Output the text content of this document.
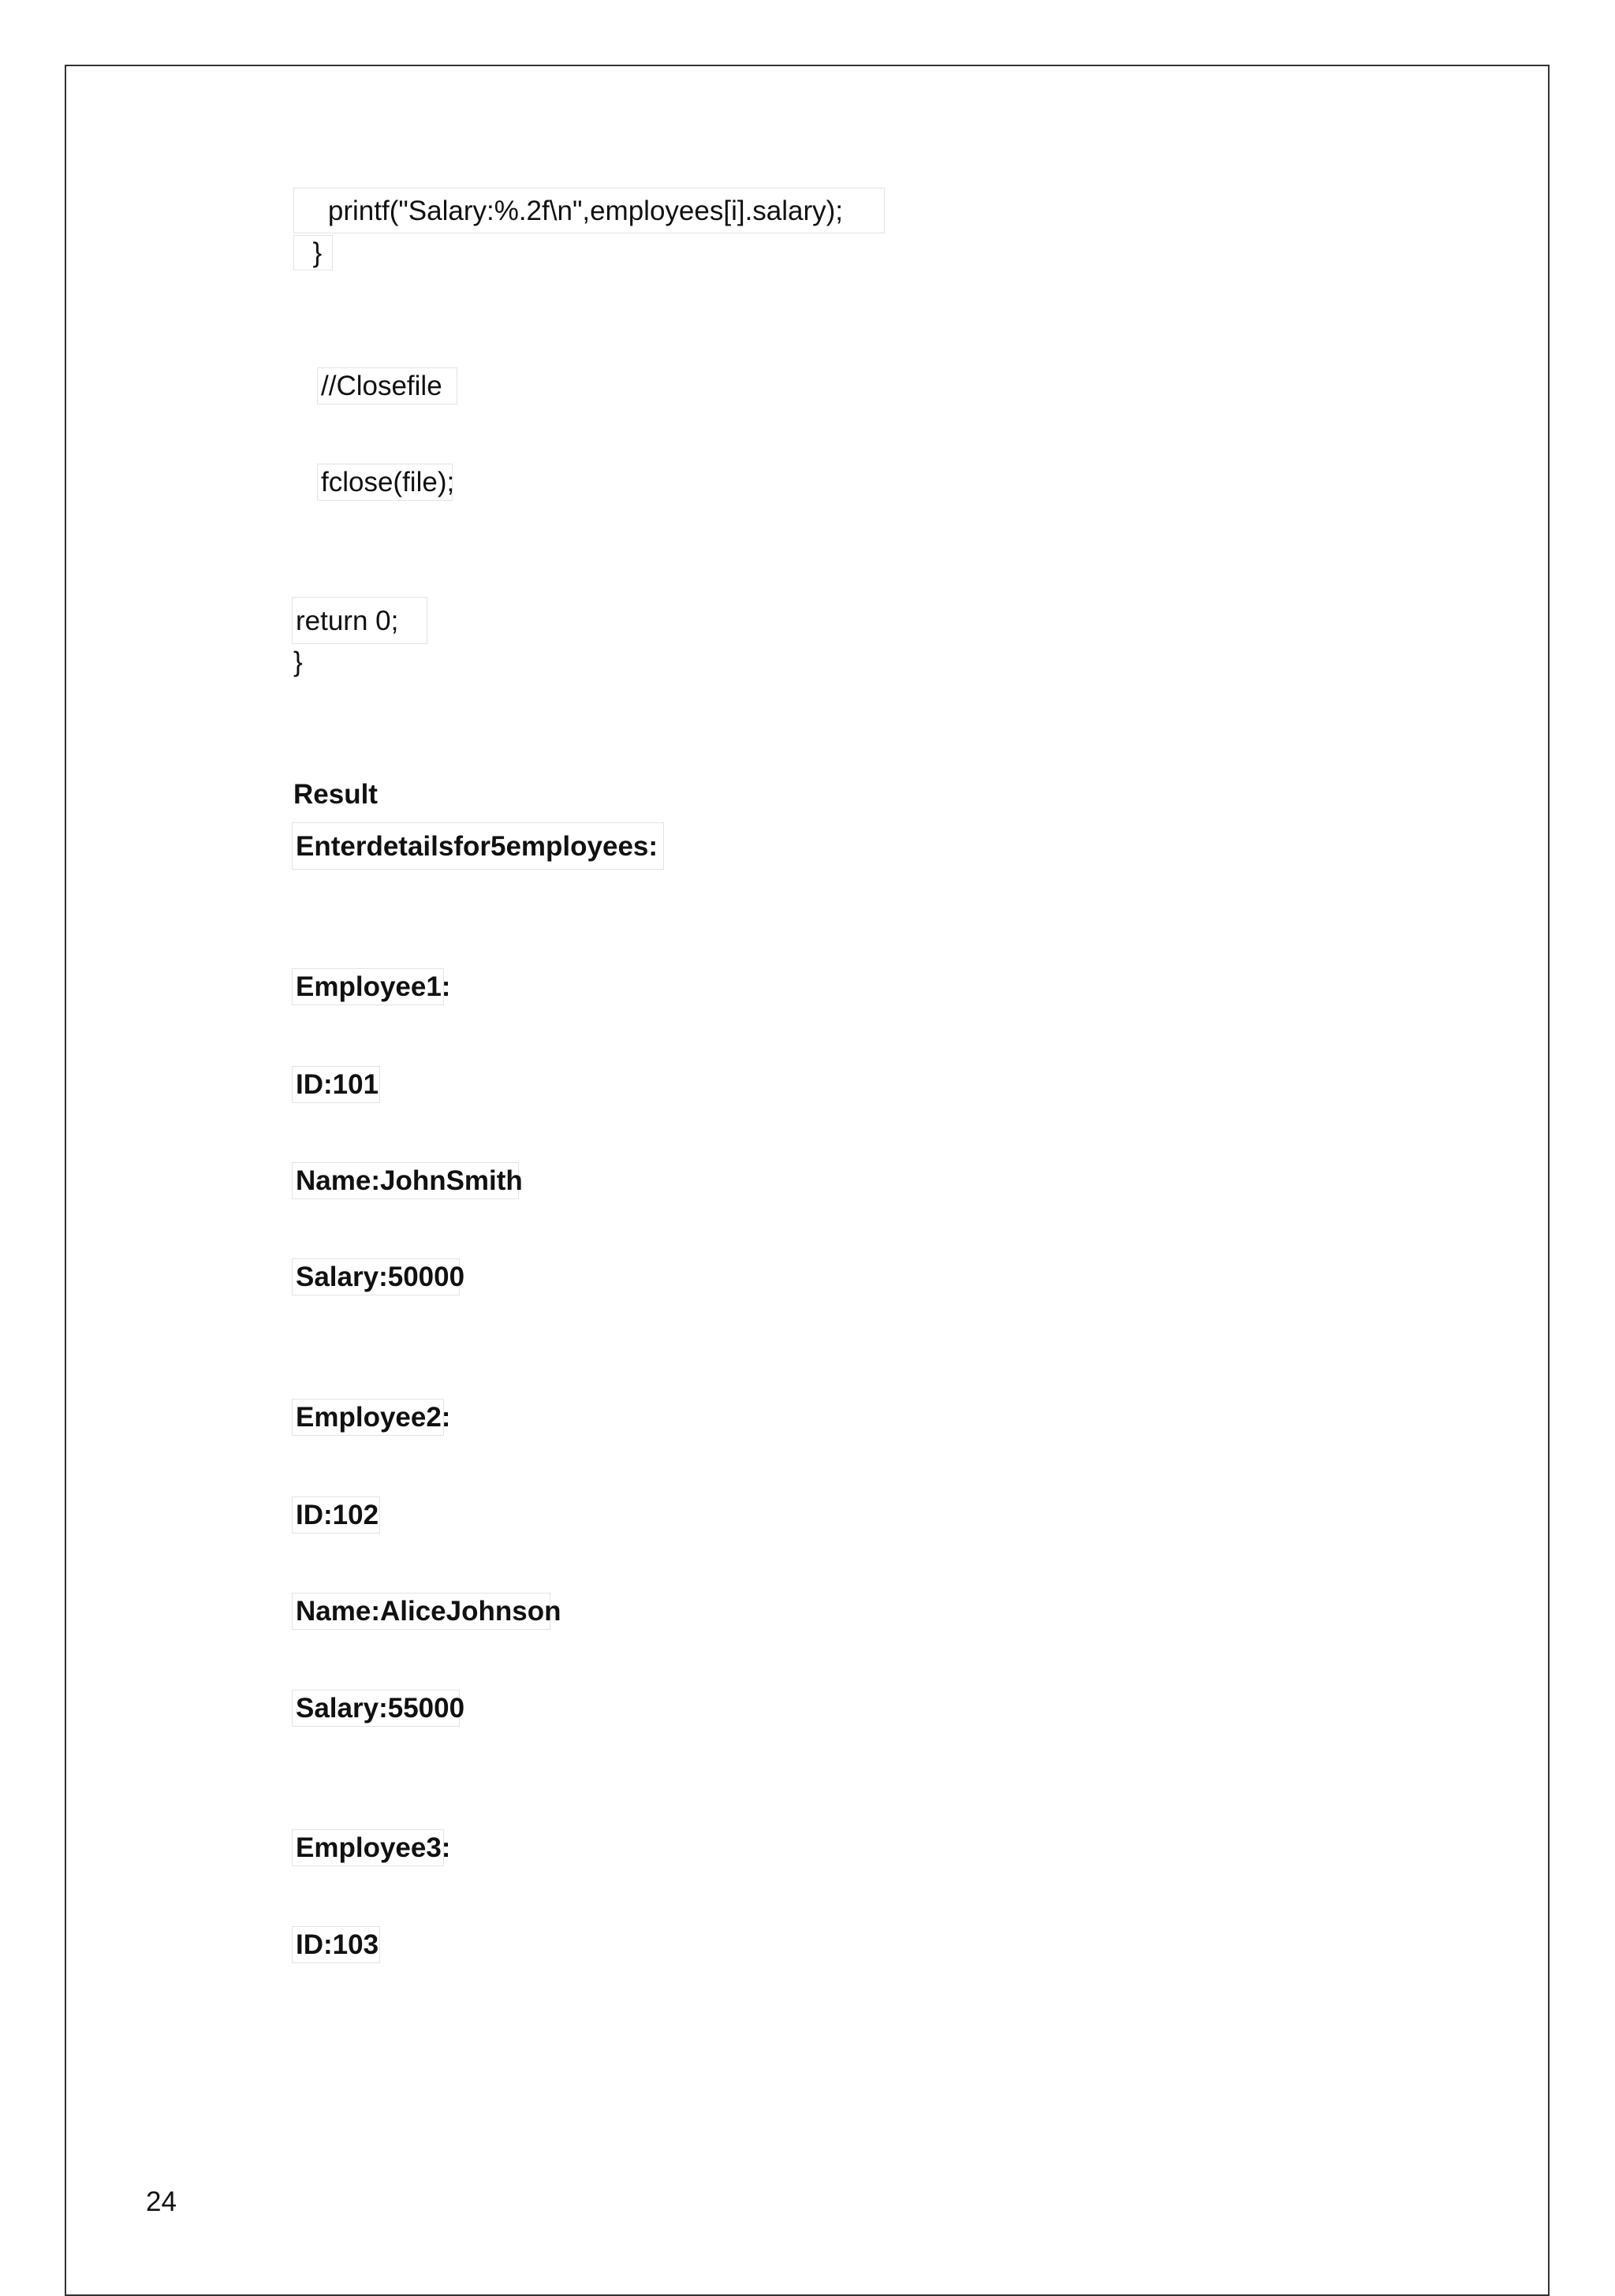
printf("Salary:%.2f\n",employees[i].salary);
}
//Closefile
fclose(file);
return 0;
}
Result
Enterdetailsfor5employees:
Employee1:
ID:101
Name:JohnSmith
Salary:50000
Employee2:
ID:102
Name:AliceJohnson
Salary:55000
Employee3:
ID:103
24
